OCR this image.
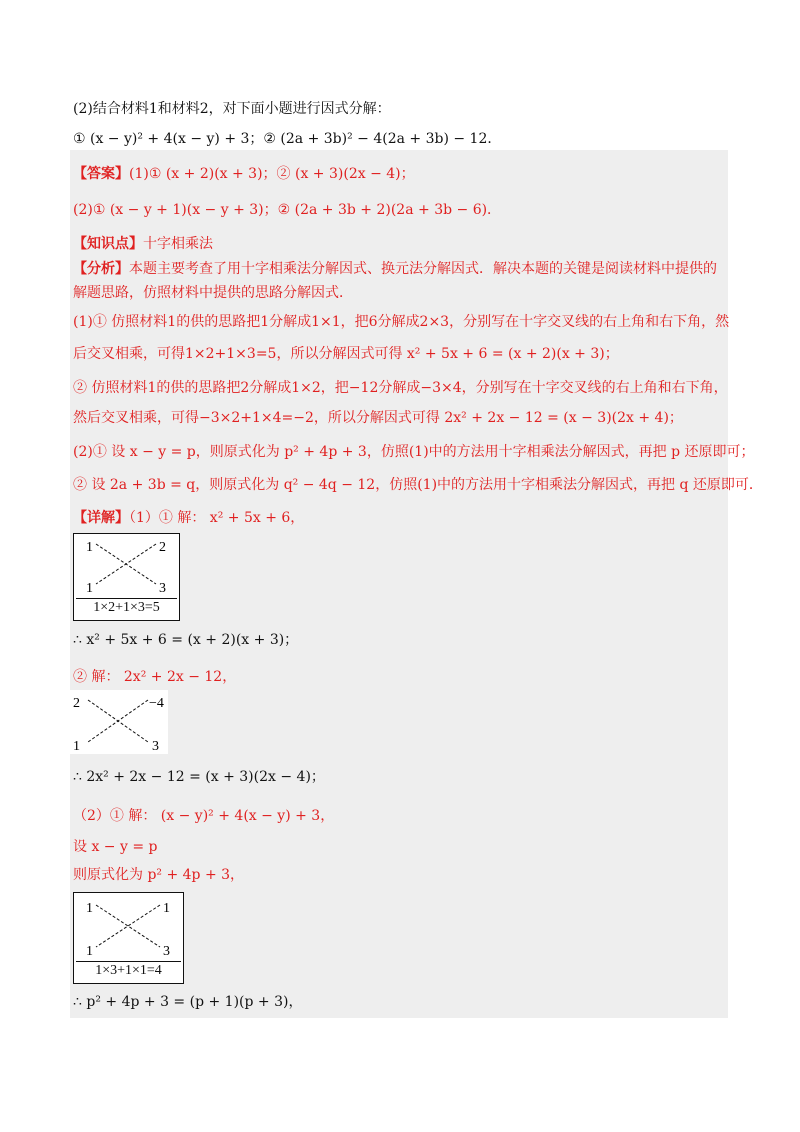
(2)结合材料1和材料2，对下面小题进行因式分解：
① (x − y)² + 4(x − y) + 3；② (2a + 3b)² − 4(2a + 3b) − 12．
【答案】(1)① (x + 2)(x + 3)；② (x + 3)(2x − 4)；
(2)① (x − y + 1)(x − y + 3)；② (2a + 3b + 2)(2a + 3b − 6)．
【知识点】十字相乘法
【分析】本题主要考查了用十字相乘法分解因式、换元法分解因式．解决本题的关键是阅读材料中提供的
解题思路，仿照材料中提供的思路分解因式．
(1)① 仿照材料1的供的思路把1分解成1×1，把6分解成2×3，分别写在十字交叉线的右上角和右下角，然
后交叉相乘，可得1×2+1×3=5，所以分解因式可得 x² + 5x + 6 = (x + 2)(x + 3)；
② 仿照材料1的供的思路把2分解成1×2，把−12分解成−3×4，分别写在十字交叉线的右上角和右下角，
然后交叉相乘，可得−3×2+1×4=−2，所以分解因式可得 2x² + 2x − 12 = (x − 3)(2x + 4)；
(2)① 设 x − y = p，则原式化为 p² + 4p + 3，仿照(1)中的方法用十字相乘法分解因式，再把 p 还原即可；
② 设 2a + 3b = q，则原式化为 q² − 4q − 12，仿照(1)中的方法用十字相乘法分解因式，再把 q 还原即可．
【详解】（1）① 解： x² + 5x + 6，
1	2
1	3
1×2+1×3=5
∴ x² + 5x + 6 = (x + 2)(x + 3)；
② 解： 2x² + 2x − 12，
2	−4
1	3
∴ 2x² + 2x − 12 = (x + 3)(2x − 4)；
（2）① 解： (x − y)² + 4(x − y) + 3，
设 x − y = p
则原式化为 p² + 4p + 3，
1	1
1	3
1×3+1×1=4
∴ p² + 4p + 3 = (p + 1)(p + 3)，
